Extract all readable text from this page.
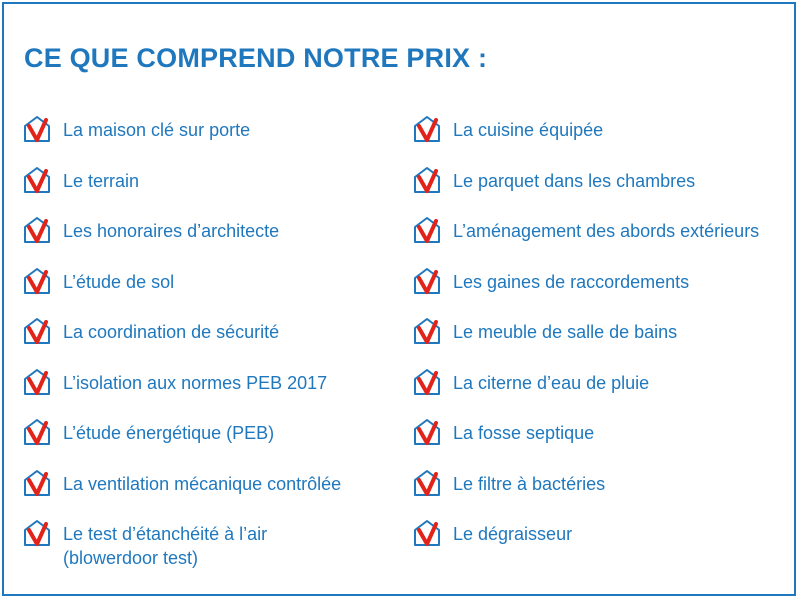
CE QUE COMPREND NOTRE PRIX :
La maison clé sur porte
Le terrain
Les honoraires d’architecte
L’étude de sol
La coordination de sécurité
L’isolation aux normes PEB 2017
L’étude énergétique (PEB)
La ventilation mécanique contrôlée
Le test d’étanchéité à l’air
(blowerdoor test)
La cuisine équipée
Le parquet dans les chambres
L’aménagement des abords extérieurs
Les gaines de raccordements
Le meuble de salle de bains
La citerne d’eau de pluie
La fosse septique
Le filtre à bactéries
Le dégraisseur
